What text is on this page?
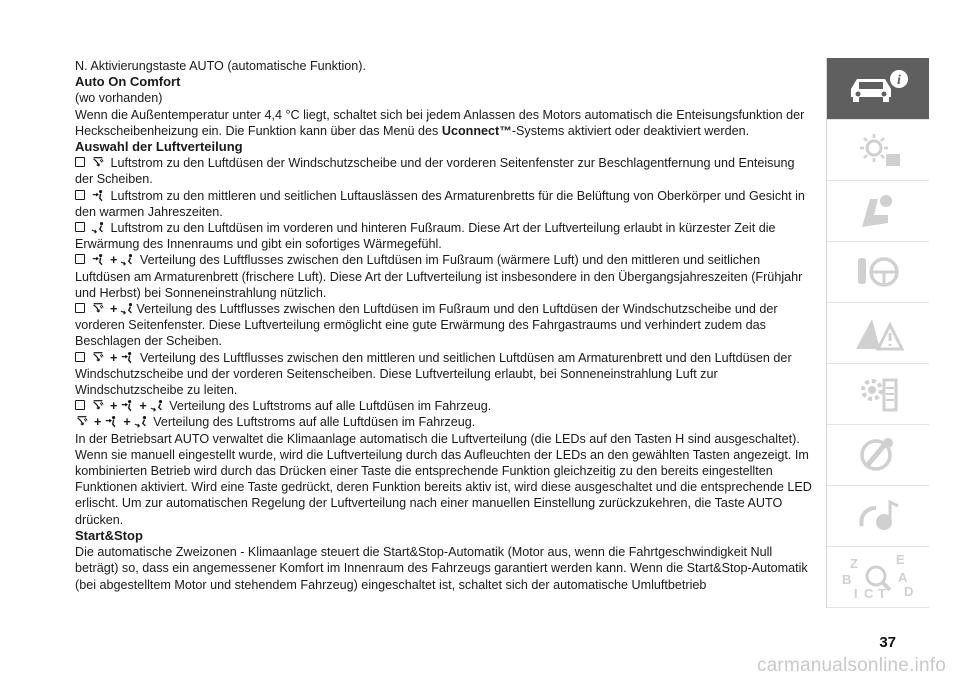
N. Aktivierungstaste AUTO (automatische Funktion).

Auto On Comfort

(wo vorhanden)

Wenn die Außentemperatur unter 4,4 °C liegt, schaltet sich bei jedem Anlassen des Motors automatisch die Enteisungsfunktion der Heckscheibenheizung ein. Die Funktion kann über das Menü des Uconnect™-Systems aktiviert oder deaktiviert werden.

Auswahl der Luftverteilung

Luftstrom zu den Luftdüsen der Windschutzscheibe und der vorderen Seitenfenster zur Beschlagentfernung und Enteisung der Scheiben.

Luftstrom zu den mittleren und seitlichen Luftauslässen des Armaturenbretts für die Belüftung von Oberkörper und Gesicht in den warmen Jahreszeiten.

Luftstrom zu den Luftdüsen im vorderen und hinteren Fußraum. Diese Art der Luftverteilung erlaubt in kürzester Zeit die Erwärmung des Innenraums und gibt ein sofortiges Wärmegefühl.

+ Verteilung des Luftflusses zwischen den Luftdüsen im Fußraum (wärmere Luft) und den mittleren und seitlichen Luftdüsen am Armaturenbrett (frischere Luft). Diese Art der Luftverteilung ist insbesondere in den Übergangsjahreszeiten (Frühjahr und Herbst) bei Sonneneinstrahlung nützlich.

+ Verteilung des Luftflusses zwischen den Luftdüsen im Fußraum und den Luftdüsen der Windschutzscheibe und der vorderen Seitenfenster. Diese Luftverteilung ermöglicht eine gute Erwärmung des Fahrgastraums und verhindert zudem das Beschlagen der Scheiben.

+ Verteilung des Luftflusses zwischen den mittleren und seitlichen Luftdüsen am Armaturenbrett und den Luftdüsen der Windschutzscheibe und der vorderen Seitenscheiben. Diese Luftverteilung erlaubt, bei Sonneneinstrahlung Luft zur Windschutzscheibe zu leiten.

+ + Verteilung des Luftstroms auf alle Luftdüsen im Fahrzeug.

+ + Verteilung des Luftstroms auf alle Luftdüsen im Fahrzeug.

In der Betriebsart AUTO verwaltet die Klimaanlage automatisch die Luftverteilung (die LEDs auf den Tasten H sind ausgeschaltet). Wenn sie manuell eingestellt wurde, wird die Luftverteilung durch das Aufleuchten der LEDs an den gewählten Tasten angezeigt. Im kombinierten Betrieb wird durch das Drücken einer Taste die entsprechende Funktion gleichzeitig zu den bereits eingestellten Funktionen aktiviert. Wird eine Taste gedrückt, deren Funktion bereits aktiv ist, wird diese ausgeschaltet und die entsprechende LED erlischt. Um zur automatischen Regelung der Luftverteilung nach einer manuellen Einstellung zurückzukehren, die Taste AUTO drücken.

Start&Stop

Die automatische Zweizonen - Klimaanlage steuert die Start&Stop-Automatik (Motor aus, wenn die Fahrtgeschwindigkeit Null beträgt) so, dass ein angemessener Komfort im Innenraum des Fahrzeugs garantiert werden kann. Wenn die Start&Stop-Automatik (bei abgestelltem Motor und stehendem Fahrzeug) eingeschaltet ist, schaltet sich der automatische Umluftbetrieb

i
Z	E
B	A
I C T D
37
carmanualsonline.info
